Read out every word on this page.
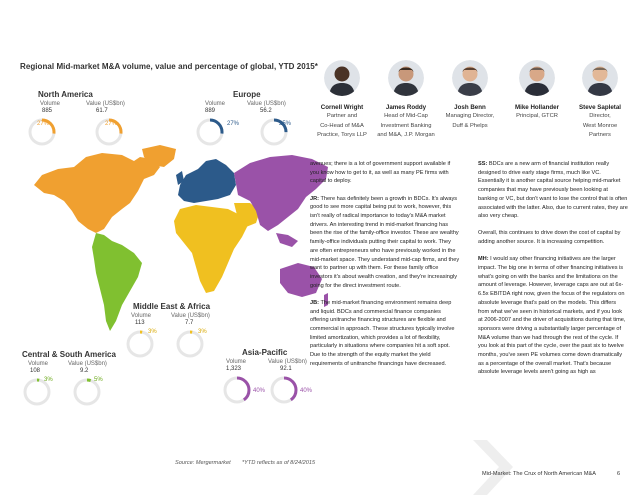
Regional Mid-market M&A volume, value and percentage of global, YTD 2015*
North America
Volume
885
27%
Value (US$bn)
61.7
27%
Europe
Volume
889
27%
Value (US$bn)
56.2
25%
Middle East & Africa
Volume
113
3%
Value (US$bn)
7.7
3%
Central & South America
Volume
108
3%
Value (US$bn)
9.2
5%
Asia-Pacific
Volume
1,323
40%
Value (US$bn)
92.1
40%
Source: Mergermarket *YTD reflects as of 8/24/2015
Cornell Wright
Partner and
Co-Head of M&A
Practice, Torys LLP
James Roddy
Head of Mid-Cap
Investment Banking
and M&A, J.P. Morgan
Josh Benn
Managing Director,
Duff & Phelps
Mike Hollander
Principal, GTCR
Steve Sapletal
Director,
West Monroe
Partners

avenues; there is a lot of government support available if you know how to get to it, as well as many PE firms with capital to deploy.

JR: There has definitely been a growth in BDCs. It's always good to see more capital being put to work, however, this isn't really of radical importance to today's M&A market drivers. An interesting trend in mid-market financing has been the rise of the family-office investor. These are wealthy family-office individuals putting their capital to work. They are often entrepreneurs who have previously worked in the mid-market space. They understand mid-cap firms, and they want to partner up with them. For these family office investors it's about wealth creation, and they're increasingly going for the direct investment route.

JB: The mid-market financing environment remains deep and liquid. BDCs and commercial finance companies offering unitranche financing structures are flexible and commercial in approach. These structures typically involve limited amortization, which provides a lot of flexibility, particularly in situations where companies hit a soft spot. Due to the strength of the equity market the yield requirements of unitranche financings have decreased.

SS: BDCs are a new arm of financial institution really designed to drive early stage firms, much like VC. Essentially it is another capital source helping mid-market companies that may have previously been looking at banking or VC, but don't want to lose the control that is often associated with the latter. Also, due to current rates, they are also very cheap.

Overall, this continues to drive down the cost of capital by adding another source. It is increasing competition.

MH: I would say other financing initiatives are the larger impact. The big one in terms of other financing initiatives is what's going on with the banks and the limitations on the amount of leverage. However, leverage caps are out at 6x-6.5x EBITDA right now, given the focus of the regulators on absolute leverage that's paid on the models. This differs from what we've seen in historical markets, and if you look at 2006-2007 and the driver of acquisitions during that time, sponsors were driving a substantially larger percentage of M&A volume than we had through the rest of the cycle. If you look at this part of the cycle, over the past six to twelve months, you've seen PE volumes come down dramatically as a percentage of the overall market. That's because absolute leverage levels aren't going as high as

Mid-Market: The Crux of North American M&A	6
